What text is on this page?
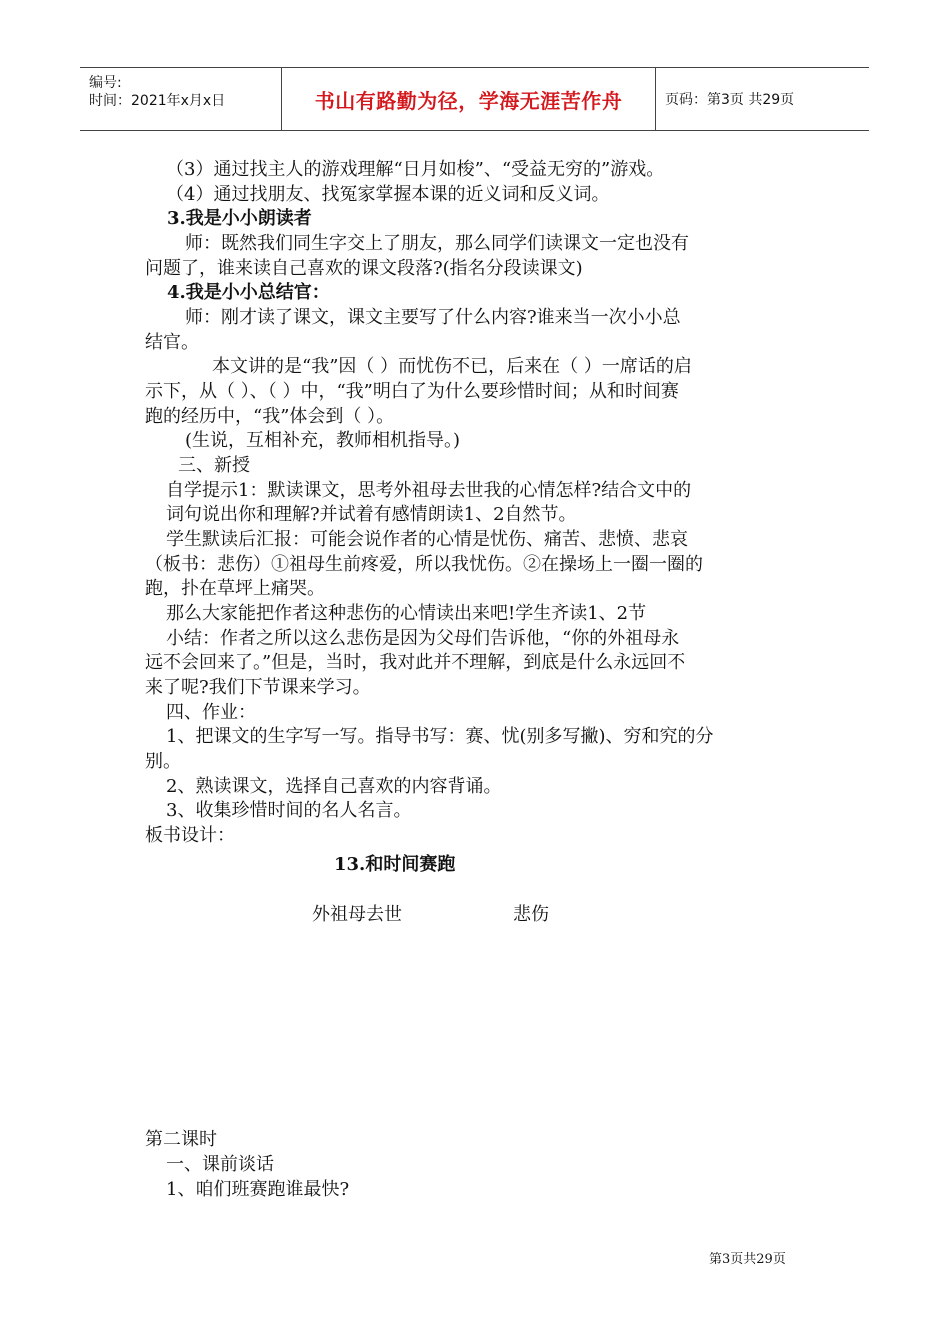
编号:
时间：2021年x月x日	书山有路勤为径，学海无涯苦作舟	页码：第3页 共29页
（3）通过找主人的游戏理解“日月如梭”、“受益无穷的”游戏。
（4）通过找朋友、找冤家掌握本课的近义词和反义词。
3.我是小小朗读者
师：既然我们同生字交上了朋友，那么同学们读课文一定也没有
问题了，谁来读自己喜欢的课文段落?(指名分段读课文)
4.我是小小总结官：
师：刚才读了课文，课文主要写了什么内容?谁来当一次小小总
结官。
本文讲的是“我”因（ ）而忧伤不已，后来在（ ）一席话的启
示下，从（ ）、（ ）中，“我”明白了为什么要珍惜时间；从和时间赛
跑的经历中，“我”体会到（ ）。
(生说，互相补充，教师相机指导。)
三、新授
自学提示1：默读课文，思考外祖母去世我的心情怎样?结合文中的
词句说出你和理解?并试着有感情朗读1、2自然节。
学生默读后汇报：可能会说作者的心情是忧伤、痛苦、悲愤、悲哀
（板书：悲伤）①祖母生前疼爱，所以我忧伤。②在操场上一圈一圈的
跑，扑在草坪上痛哭。
那么大家能把作者这种悲伤的心情读出来吧!学生齐读1、2节
小结：作者之所以这么悲伤是因为父母们告诉他，“你的外祖母永
远不会回来了。”但是，当时，我对此并不理解，到底是什么永远回不
来了呢?我们下节课来学习。
四、作业：
1、把课文的生字写一写。指导书写：赛、忧(别多写撇)、穷和究的分
别。
2、熟读课文，选择自己喜欢的内容背诵。
3、收集珍惜时间的名人名言。
板书设计：
13.和时间赛跑
外祖母去世	悲伤
第二课时
一、课前谈话
1、咱们班赛跑谁最快?
第3页共29页
